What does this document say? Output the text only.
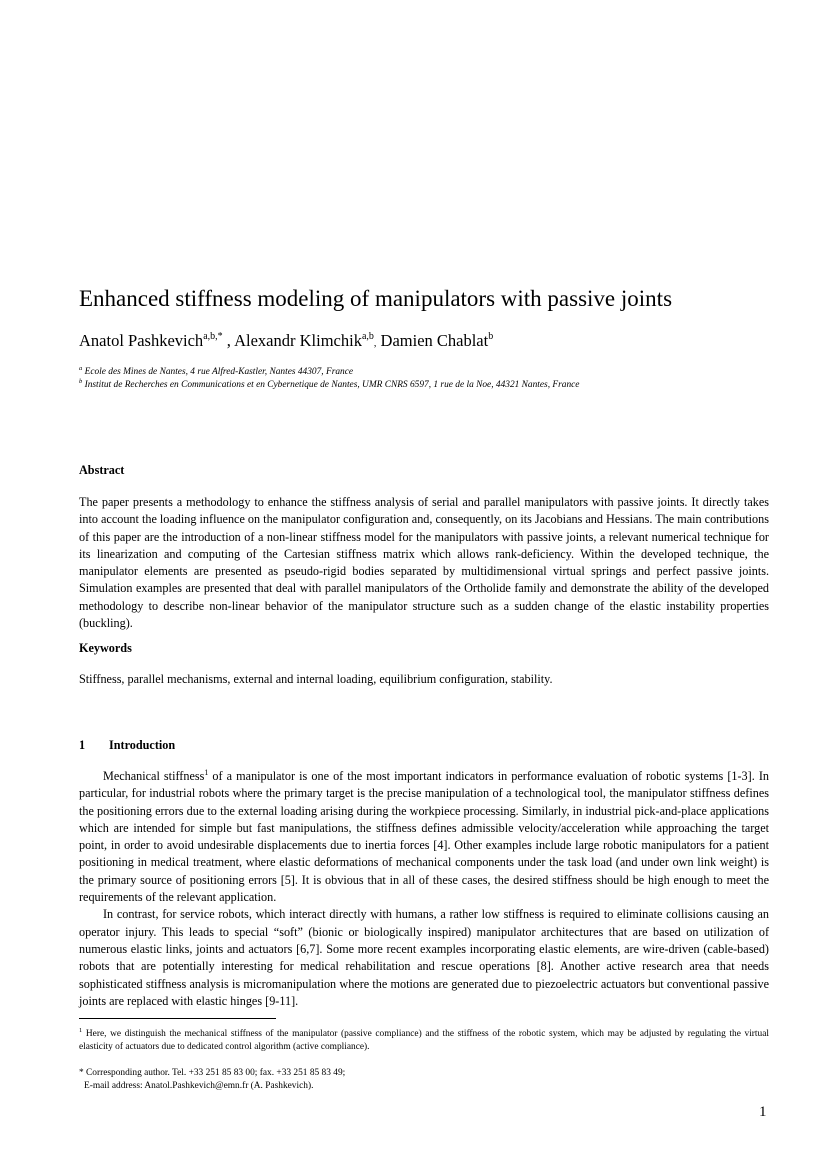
Enhanced stiffness modeling of manipulators with passive joints
Anatol Pashkevich$^{a,b,*}$ , Alexandr Klimchik$^{a,b}$, Damien Chablat$^b$
$^a$ Ecole des Mines de Nantes, 4 rue Alfred-Kastler, Nantes 44307, France
$^b$ Institut de Recherches en Communications et en Cybernetique de Nantes, UMR CNRS 6597, 1 rue de la Noe, 44321 Nantes, France
Abstract
The paper presents a methodology to enhance the stiffness analysis of serial and parallel manipulators with passive joints. It directly takes into account the loading influence on the manipulator configuration and, consequently, on its Jacobians and Hessians. The main contributions of this paper are the introduction of a non-linear stiffness model for the manipulators with passive joints, a relevant numerical technique for its linearization and computing of the Cartesian stiffness matrix which allows rank-deficiency. Within the developed technique, the manipulator elements are presented as pseudo-rigid bodies separated by multidimensional virtual springs and perfect passive joints. Simulation examples are presented that deal with parallel manipulators of the Ortholide family and demonstrate the ability of the developed methodology to describe non-linear behavior of the manipulator structure such as a sudden change of the elastic instability properties (buckling).
Keywords
Stiffness, parallel mechanisms, external and internal loading, equilibrium configuration, stability.
1 Introduction

Mechanical stiffness$^1$ of a manipulator is one of the most important indicators in performance evaluation of robotic systems [1-3]. In particular, for industrial robots where the primary target is the precise manipulation of a technological tool, the manipulator stiffness defines the positioning errors due to the external loading arising during the workpiece processing. Similarly, in industrial pick-and-place applications which are intended for simple but fast manipulations, the stiffness defines admissible velocity/acceleration while approaching the target point, in order to avoid undesirable displacements due to inertia forces [4]. Other examples include large robotic manipulators for a patient positioning in medical treatment, where elastic deformations of mechanical components under the task load (and under own link weight) is the primary source of positioning errors [5]. It is obvious that in all of these cases, the desired stiffness should be high enough to meet the requirements of the relevant application.

In contrast, for service robots, which interact directly with humans, a rather low stiffness is required to eliminate collisions causing an operator injury. This leads to special “soft” (bionic or biologically inspired) manipulator architectures that are based on utilization of numerous elastic links, joints and actuators [6,7]. Some more recent examples incorporating elastic elements, are wire-driven (cable-based) robots that are potentially interesting for medical rehabilitation and rescue operations [8]. Another active research area that needs sophisticated stiffness analysis is micromanipulation where the motions are generated due to piezoelectric actuators but conventional passive joints are replaced with elastic hinges [9-11].

$^1$ Here, we distinguish the mechanical stiffness of the manipulator (passive compliance) and the stiffness of the robotic system, which may be adjusted by regulating the virtual elasticity of actuators due to dedicated control algorithm (active compliance).
* Corresponding author. Tel. +33 251 85 83 00; fax. +33 251 85 83 49;
E-mail address: Anatol.Pashkevich@emn.fr (A. Pashkevich).
1
